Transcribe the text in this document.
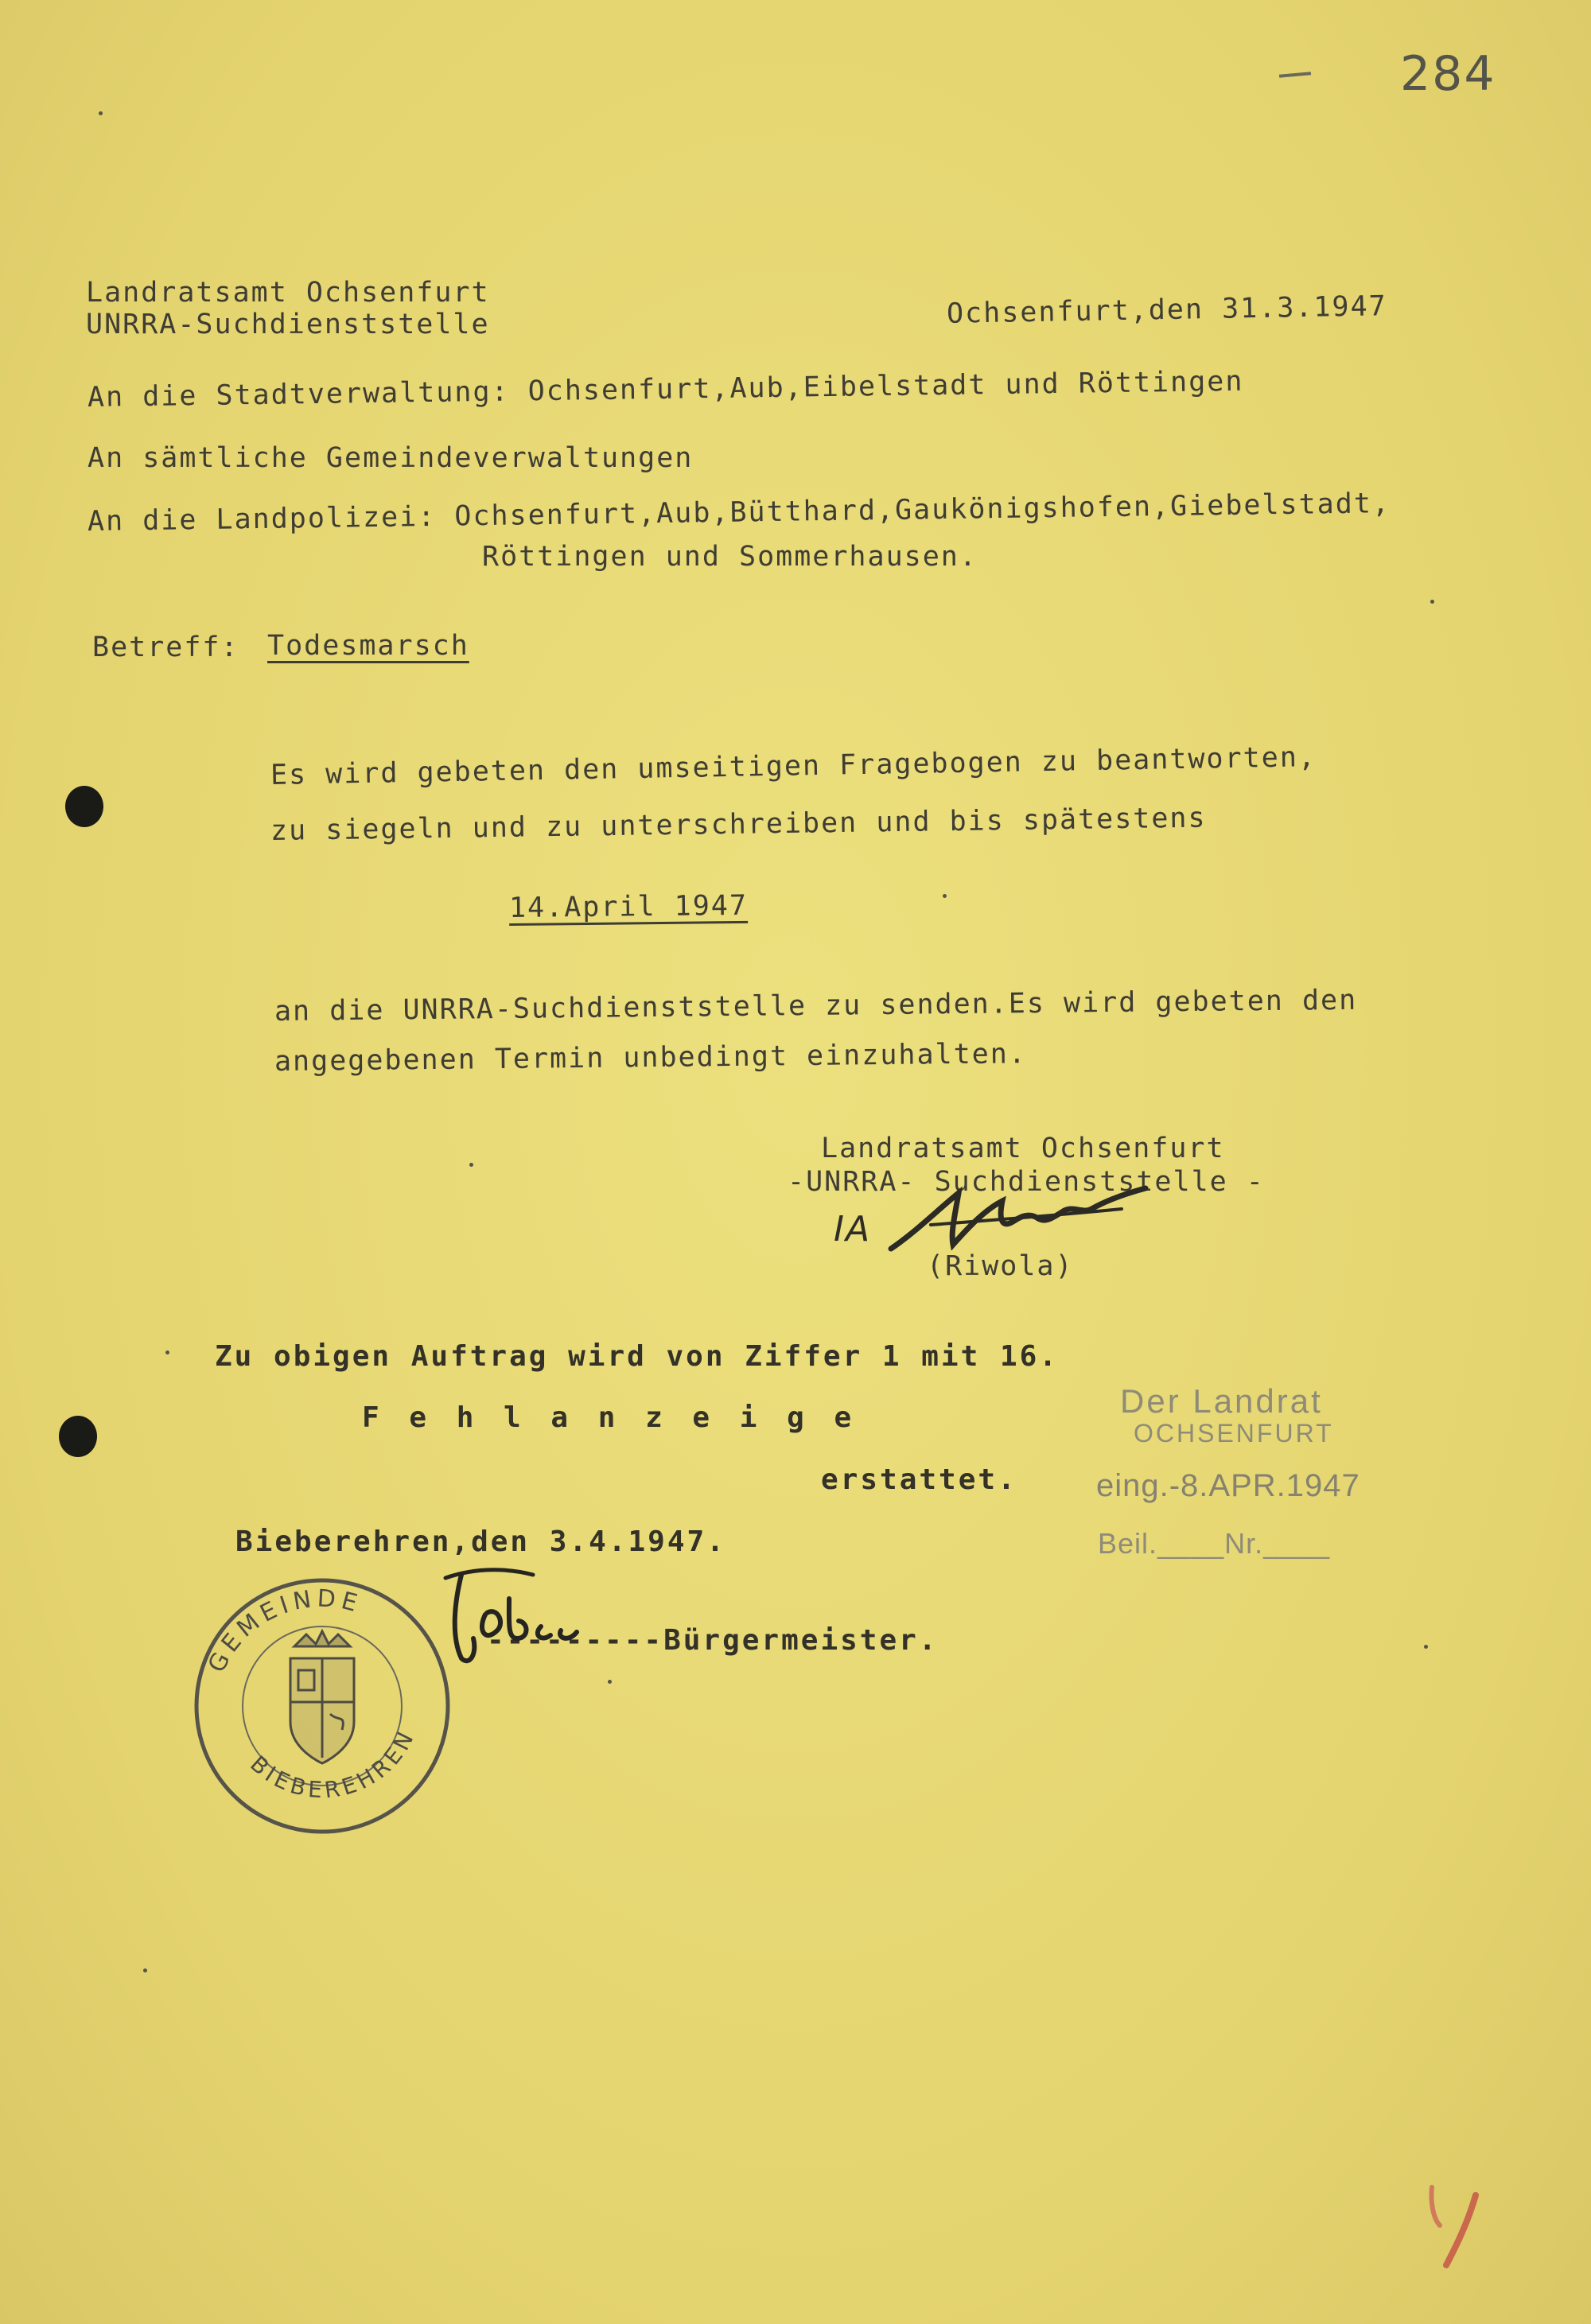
284
Landratsamt Ochsenfurt
UNRRA-Suchdienststelle	Ochsenfurt,den 31.3.1947
An die Stadtverwaltung: Ochsenfurt,Aub,Eibelstadt und Röttingen
An sämtliche Gemeindeverwaltungen
An die Landpolizei: Ochsenfurt,Aub,Bütthard,Gaukönigshofen,Giebelstadt,
Röttingen und Sommerhausen.
Betreff: Todesmarsch
Es wird gebeten den umseitigen Fragebogen zu beantworten,
zu siegeln und zu unterschreiben und bis spätestens
14.April 1947
an die UNRRA-Suchdienststelle zu senden.Es wird gebeten den
angegebenen Termin unbedingt einzuhalten.
Landratsamt Ochsenfurt
-UNRRA- Suchdienststelle -
IA
(Riwola)
Zu obigen Auftrag wird von Ziffer 1 mit 16.
F e h l a n z e i g e
erstattet.
Bieberehren,den 3.4.1947.
---------Bürgermeister.
Der Landrat
OCHSENFURT
eing.-8.APR.1947
Beil.____Nr.____
GEMEINDE
BIEBEREHREN
